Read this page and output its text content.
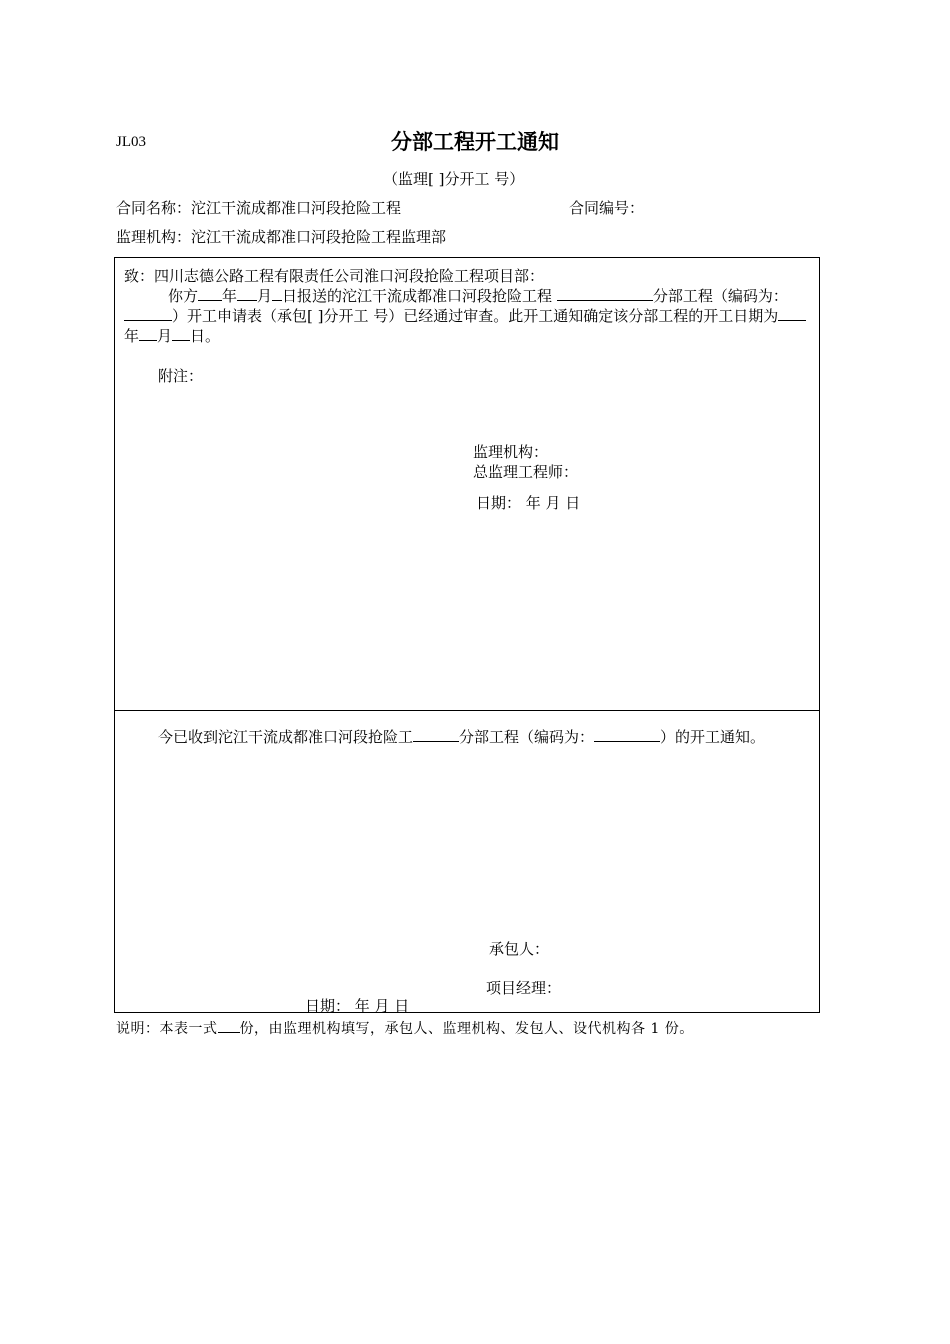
JL03	分部工程开工通知
（监理[ ]分开工 号）
合同名称：沱江干流成都准口河段抢险工程	合同编号：
监理机构：沱江干流成都准口河段抢险工程监理部
致：四川志德公路工程有限责任公司淮口河段抢险工程项目部：
你方 年 月 日报送的沱江干流成都准口河段抢险工程	分部工程（编码为：）开工申请表（承包[ ]分开工 号）已经通过审查。此开工通知确定该分部工程的开工日期为年 月 日。
附注：
监理机构：
总监理工程师：
日期： 年 月 日
今已收到沱江干流成都准口河段抢险工	分部工程（编码为：	）的开工通知。
承包人：
项目经理：
日期： 年 月 日
说明：本表一式 份，由监理机构填写，承包人、监理机构、发包人、设代机构各 1 份。
